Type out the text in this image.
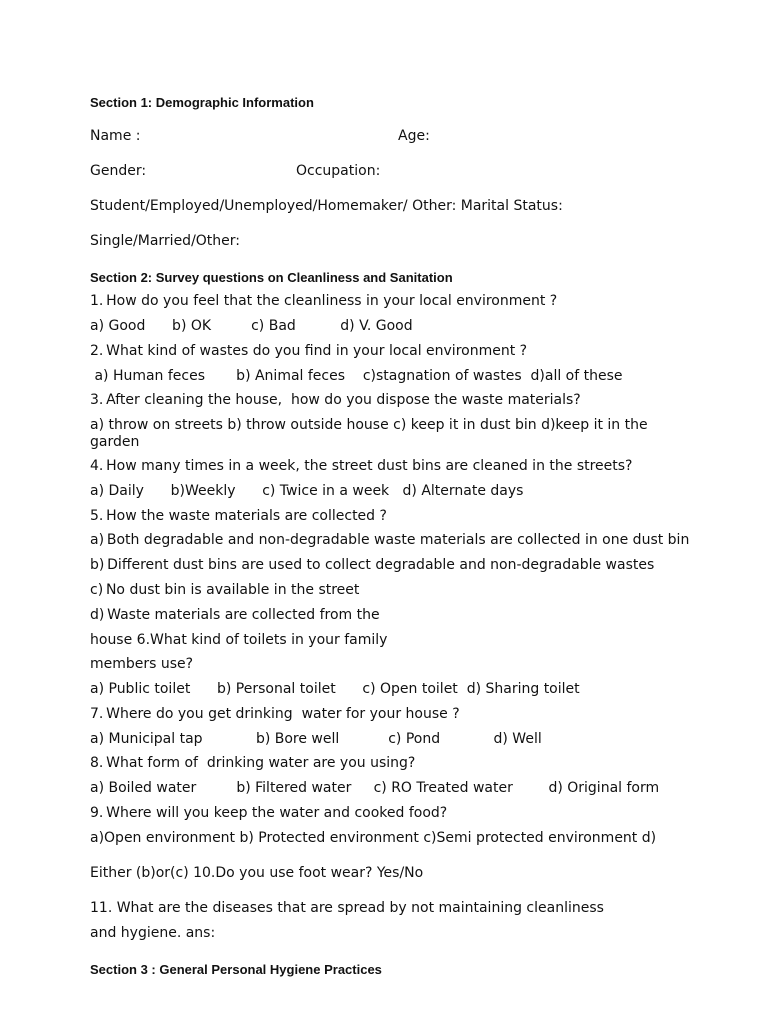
Section 1: Demographic Information
Name :	Age:
Gender:	Occupation:
Student/Employed/Unemployed/Homemaker/ Other: Marital Status:
Single/Married/Other:
Section 2: Survey questions on Cleanliness and Sanitation
1. How do you feel that the cleanliness in your local environment ?
a) Good      b) OK         c) Bad          d) V. Good
2. What kind of wastes do you find in your local environment ?
a) Human feces       b) Animal feces    c)stagnation of wastes  d)all of these
3. After cleaning the house,  how do you dispose the waste materials?
a) throw on streets b) throw outside house c) keep it in dust bin d)keep it in the garden
4. How many times in a week, the street dust bins are cleaned in the streets?
a) Daily      b)Weekly      c) Twice in a week   d) Alternate days
5. How the waste materials are collected ?
a) Both degradable and non-degradable waste materials are collected in one dust bin
b) Different dust bins are used to collect degradable and non-degradable wastes
c) No dust bin is available in the street
d) Waste materials are collected from the
house 6.What kind of toilets in your family
members use?
a) Public toilet      b) Personal toilet      c) Open toilet  d) Sharing toilet
7. Where do you get drinking  water for your house ?
a) Municipal tap            b) Bore well           c) Pond            d) Well
8. What form of  drinking water are you using?
a) Boiled water         b) Filtered water     c) RO Treated water        d) Original form
9. Where will you keep the water and cooked food?
a)Open environment b) Protected environment c)Semi protected environment d)
Either (b)or(c) 10.Do you use foot wear? Yes/No
11. What are the diseases that are spread by not maintaining cleanliness
and hygiene. ans:
Section 3 : General Personal Hygiene Practices
